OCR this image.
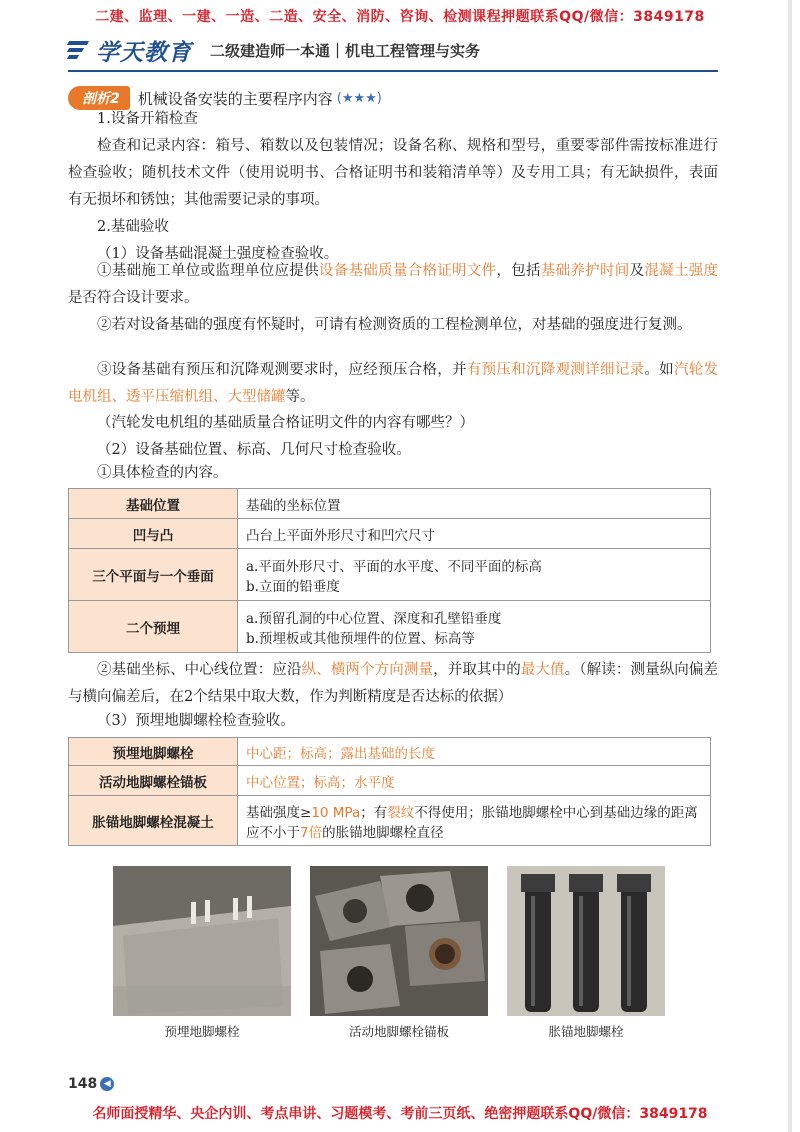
二建、监理、一建、一造、二造、安全、消防、咨询、检测课程押题联系QQ/微信：3849178
学天教育 二级建造师一本通｜机电工程管理与实务
剖析2	机械设备安装的主要程序内容 (★★★)
1.设备开箱检查
检查和记录内容：箱号、箱数以及包装情况；设备名称、规格和型号，重要零部件需按标准进行检查验收；随机技术文件（使用说明书、合格证明书和装箱清单等）及专用工具；有无缺损件，表面有无损坏和锈蚀；其他需要记录的事项。
2.基础验收
（1）设备基础混凝土强度检查验收。
①基础施工单位或监理单位应提供设备基础质量合格证明文件，包括基础养护时间及混凝土强度是否符合设计要求。
②若对设备基础的强度有怀疑时，可请有检测资质的工程检测单位，对基础的强度进行复测。
③设备基础有预压和沉降观测要求时，应经预压合格，并有预压和沉降观测详细记录。如汽轮发电机组、透平压缩机组、大型储罐等。
（汽轮发电机组的基础质量合格证明文件的内容有哪些？）
（2）设备基础位置、标高、几何尺寸检查验收。
①具体检查的内容。
基础位置	基础的坐标位置
凹与凸	凸台上平面外形尺寸和凹穴尺寸
三个平面与一个垂面	a.平面外形尺寸、平面的水平度、不同平面的标高
b.立面的铅垂度

二个预埋	a.预留孔洞的中心位置、深度和孔壁铅垂度
b.预埋板或其他预埋件的位置、标高等
②基础坐标、中心线位置：应沿纵、横两个方向测量，并取其中的最大值。（解读：测量纵向偏差与横向偏差后，在2个结果中取大数，作为判断精度是否达标的依据）
（3）预埋地脚螺栓检查验收。
预埋地脚螺栓	中心距；标高；露出基础的长度
活动地脚螺栓锚板	中心位置；标高；水平度
胀锚地脚螺栓混凝土	基础强度≥10 MPa；有裂纹不得使用；胀锚地脚螺栓中心到基础边缘的距离应不小于7倍的胀锚地脚螺栓直径
预埋地脚螺栓	活动地脚螺栓锚板	胀锚地脚螺栓
148 ◀
名师面授精华、央企内训、考点串讲、习题模考、考前三页纸、绝密押题联系QQ/微信：3849178
